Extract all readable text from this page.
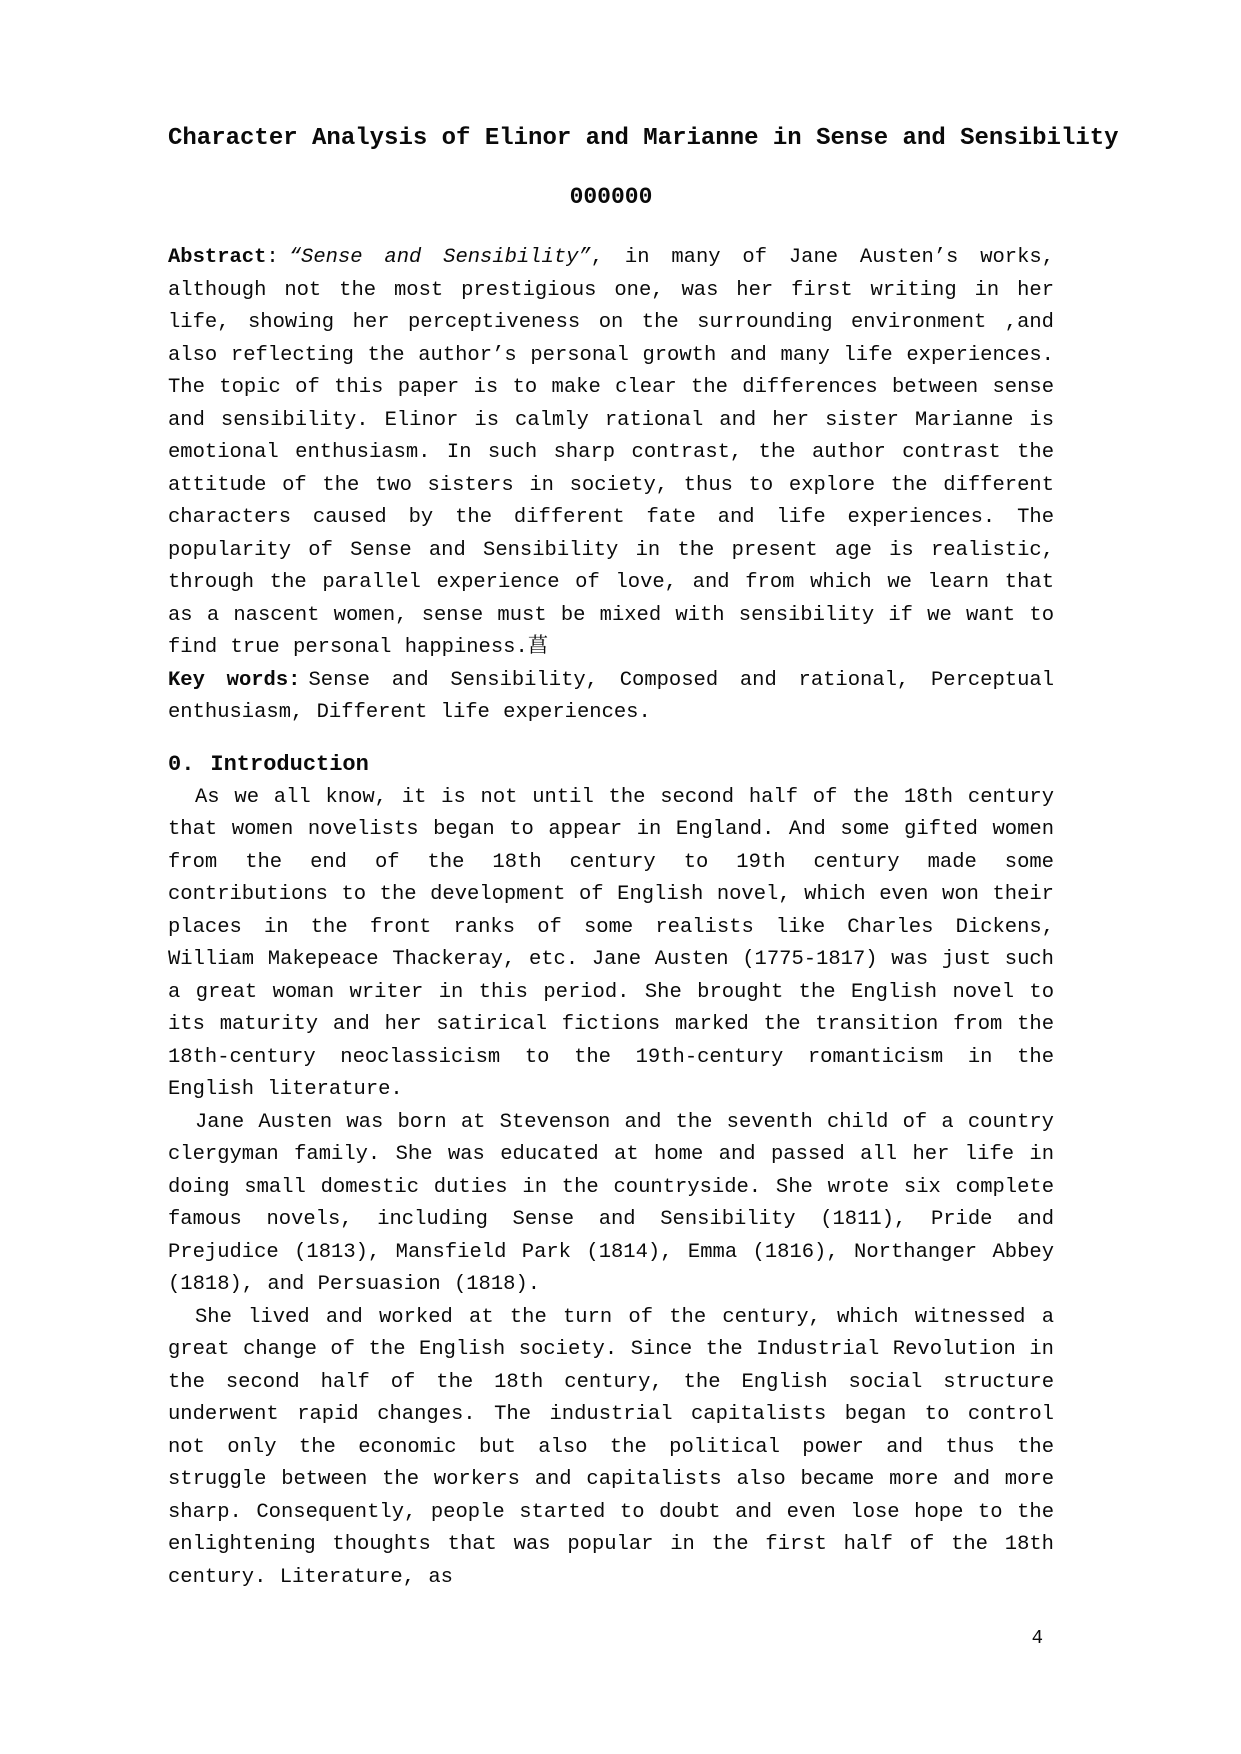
Character Analysis of Elinor and Marianne in Sense and Sensibility
000000

Abstract: “Sense and Sensibility”, in many of Jane Austen’s works, although not the most prestigious one, was her first writing in her life, showing her perceptiveness on the surrounding environment ,and also reflecting the author’s personal growth and many life experiences. The topic of this paper is to make clear the differences between sense and sensibility. Elinor is calmly rational and her sister Marianne is emotional enthusiasm. In such sharp contrast, the author contrast the attitude of the two sisters in society, thus to explore the different characters caused by the different fate and life experiences. The popularity of Sense and Sensibility in the present age is realistic, through the parallel experience of love, and from which we learn that as a nascent women, sense must be mixed with sensibility if we want to find true personal happiness.菖

Key words: Sense and Sensibility, Composed and rational, Perceptual enthusiasm, Different life experiences.

0. Introduction

As we all know, it is not until the second half of the 18th century that women novelists began to appear in England. And some gifted women from the end of the 18th century to 19th century made some contributions to the development of English novel, which even won their places in the front ranks of some realists like Charles Dickens, William Makepeace Thackeray, etc. Jane Austen (1775-1817) was just such a great woman writer in this period. She brought the English novel to its maturity and her satirical fictions marked the transition from the 18th-century neoclassicism to the 19th-century romanticism in the English literature.

Jane Austen was born at Stevenson and the seventh child of a country clergyman family. She was educated at home and passed all her life in doing small domestic duties in the countryside. She wrote six complete famous novels, including Sense and Sensibility (1811), Pride and Prejudice (1813), Mansfield Park (1814), Emma (1816), Northanger Abbey (1818), and Persuasion (1818).

She lived and worked at the turn of the century, which witnessed a great change of the English society. Since the Industrial Revolution in the second half of the 18th century, the English social structure underwent rapid changes. The industrial capitalists began to control not only the economic but also the political power and thus the struggle between the workers and capitalists also became more and more sharp. Consequently, people started to doubt and even lose hope to the enlightening thoughts that was popular in the first half of the 18th century. Literature, as

4
